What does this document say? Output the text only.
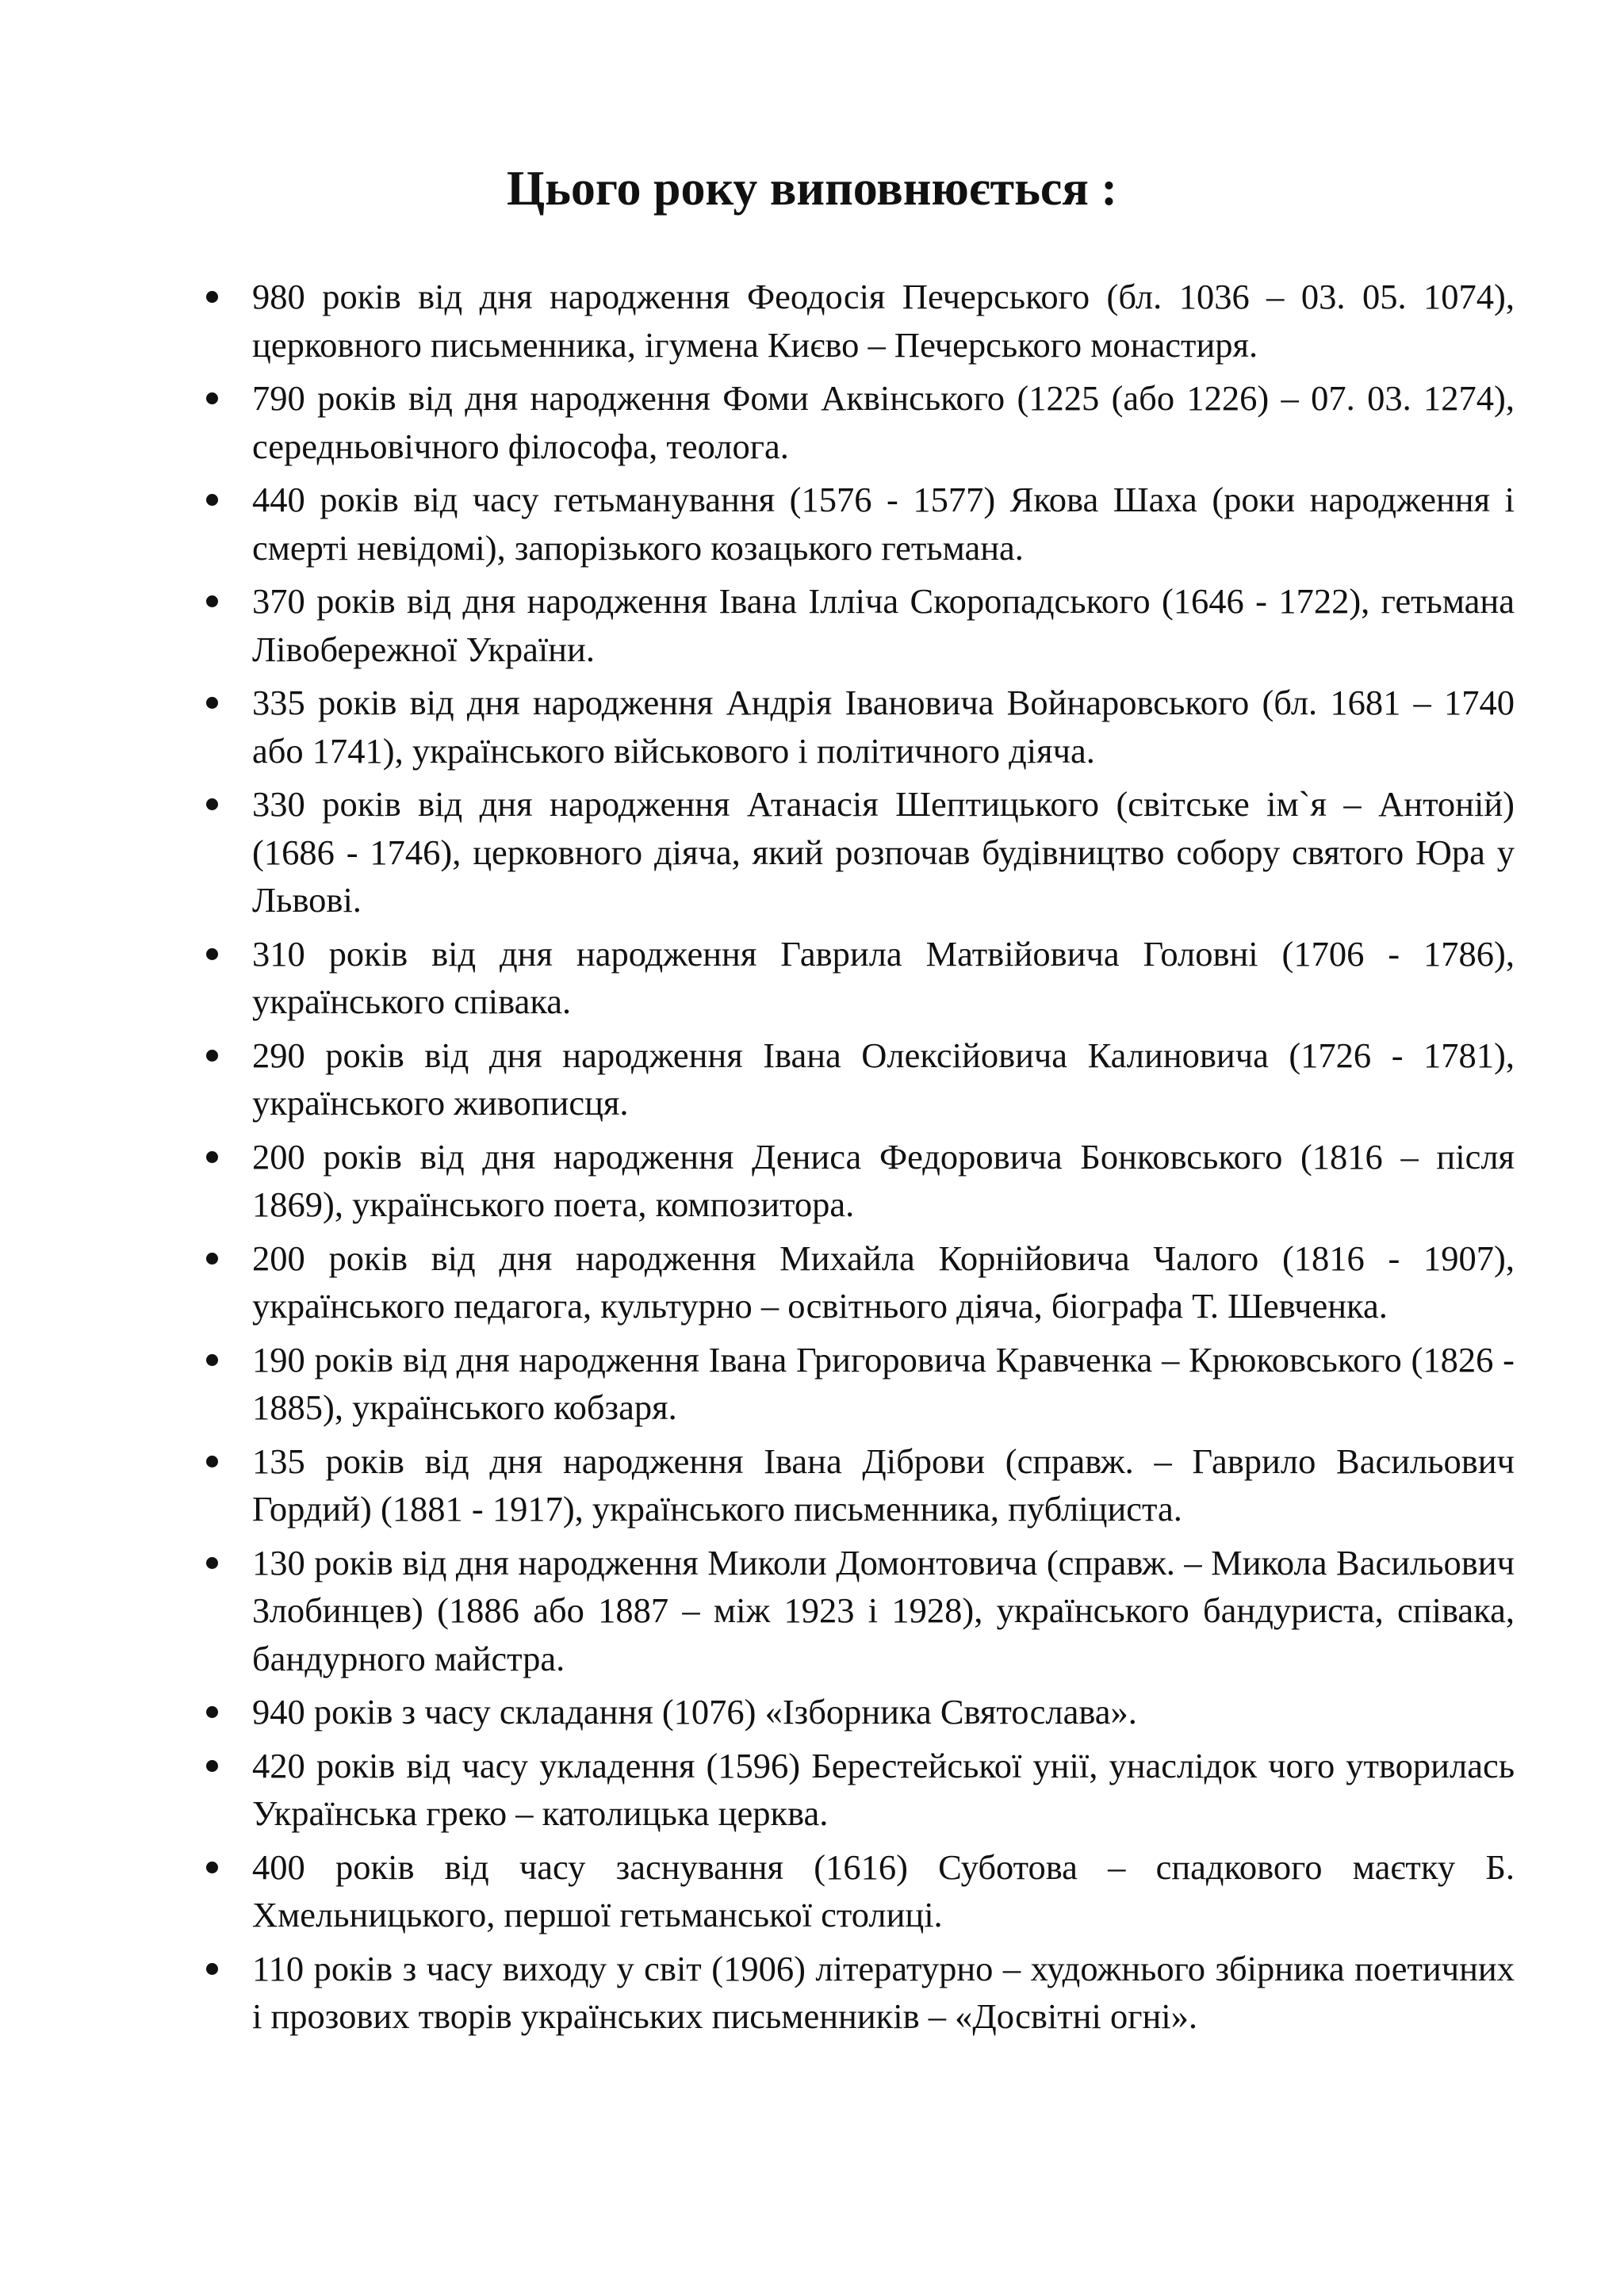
Цього року виповнюється :
980 років від дня народження Феодосія Печерського (бл. 1036 – 03. 05. 1074), церковного письменника, ігумена Києво – Печерського монастиря.
790 років від дня народження Фоми Аквінського (1225 (або 1226) – 07. 03. 1274), середньовічного філософа, теолога.
440 років від часу гетьманування (1576 - 1577) Якова Шаха (роки народження і смерті невідомі), запорізького козацького гетьмана.
370 років від дня народження Івана Ілліча Скоропадського (1646 - 1722), гетьмана Лівобережної України.
335 років від дня народження Андрія Івановича Войнаровського (бл. 1681 – 1740 або 1741), українського військового і політичного діяча.
330 років від дня народження Атанасія Шептицького (світське ім`я – Антоній) (1686 - 1746), церковного діяча, який розпочав будівництво собору святого Юра у Львові.
310 років від дня народження Гаврила Матвійовича Головні (1706 - 1786), українського співака.
290 років від дня народження Івана Олексійовича Калиновича (1726 - 1781), українського живописця.
200 років від дня народження Дениса Федоровича Бонковського (1816 – після 1869), українського поета, композитора.
200 років від дня народження Михайла Корнійовича Чалого (1816 - 1907), українського педагога, культурно – освітнього діяча, біографа Т. Шевченка.
190 років від дня народження Івана Григоровича Кравченка – Крюковського (1826 - 1885), українського кобзаря.
135 років від дня народження Івана Діброви (справж. – Гаврило Васильович Гордий) (1881 - 1917), українського письменника, публіциста.
130 років від дня народження Миколи Домонтовича (справж. – Микола Васильович Злобинцев) (1886 або 1887 – між 1923 і 1928), українського бандуриста, співака, бандурного майстра.
940 років з часу складання (1076) «Ізборника Святослава».
420 років від часу укладення (1596) Берестейської унії, унаслідок чого утворилась Українська греко – католицька церква.
400 років від часу заснування (1616) Суботова – спадкового маєтку Б. Хмельницького, першої гетьманської столиці.
110 років з часу виходу у світ (1906) літературно – художнього збірника поетичних і прозових творів українських письменників – «Досвітні огні».
